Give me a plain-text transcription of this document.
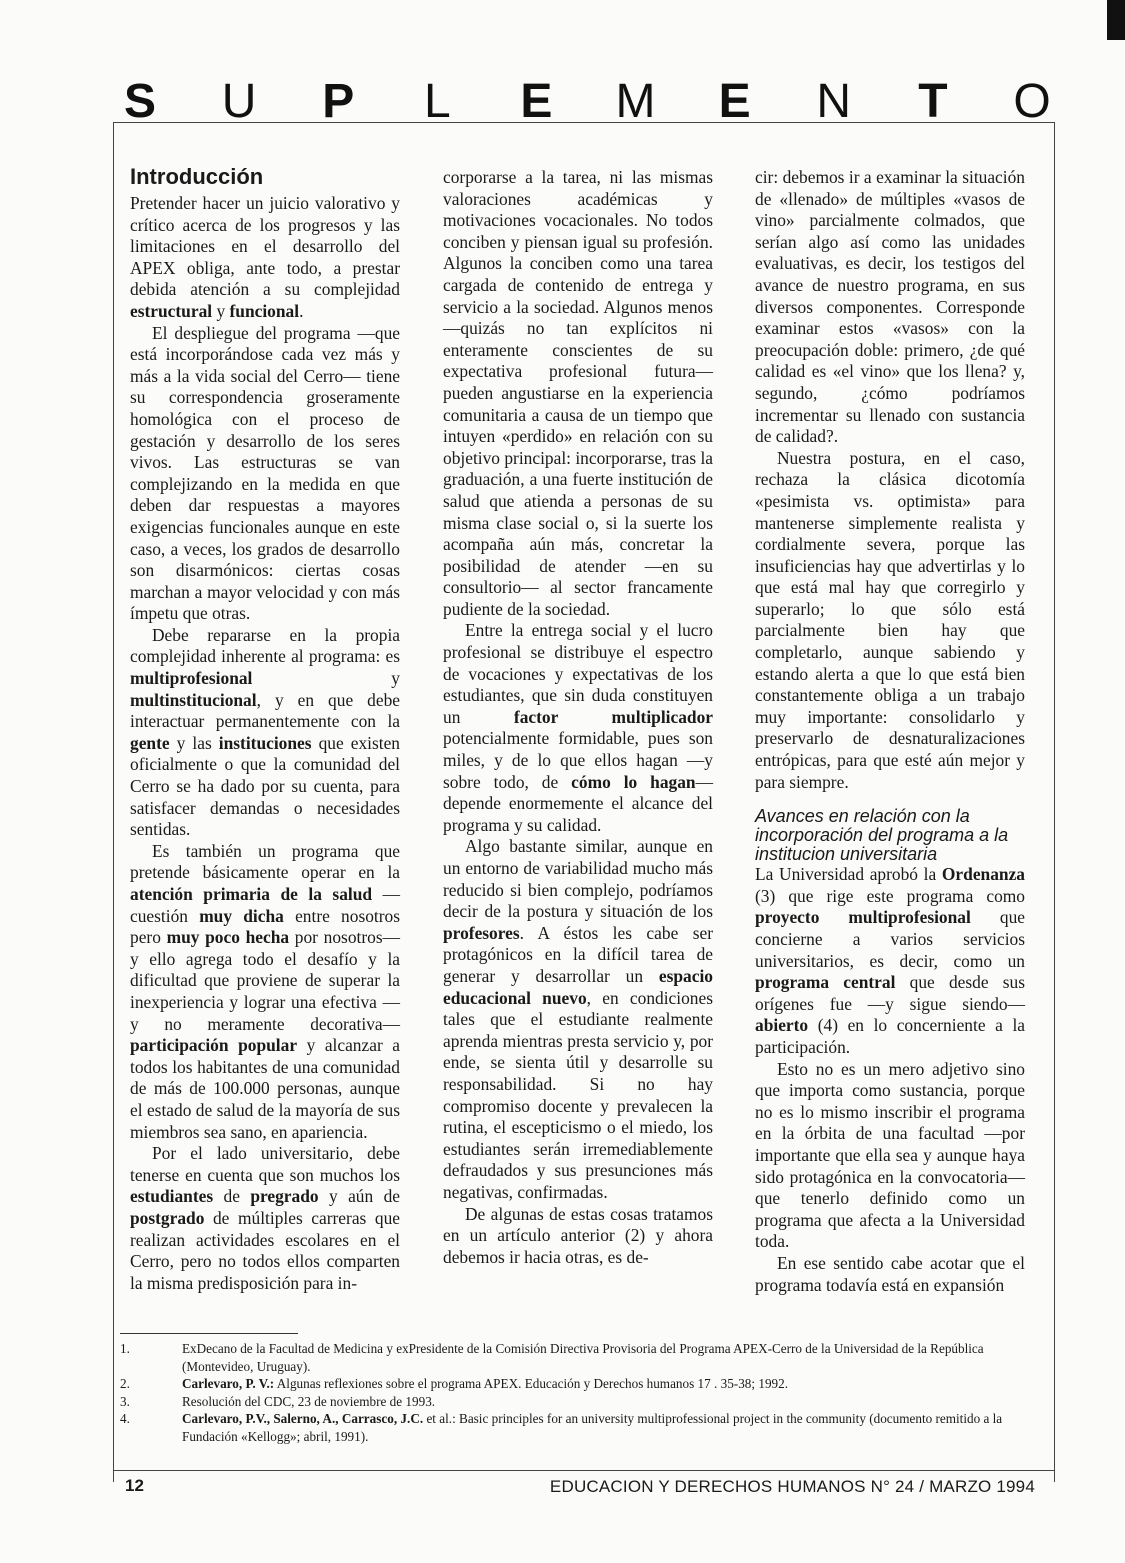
S U P	L	E M E N	T	O
Introducción

Pretender hacer un juicio valorativo y crítico acerca de los progresos y las limitaciones en el desarrollo del APEX obliga, ante todo, a prestar debida atención a su complejidad estructural y funcional.

El despliegue del programa —que está incorporándose cada vez más y más a la vida social del Cerro— tiene su correspondencia groseramente homológica con el proceso de gestación y desarrollo de los seres vivos. Las estructuras se van complejizando en la medida en que deben dar respuestas a mayores exigencias funcionales aunque en este caso, a veces, los grados de desarrollo son disarmónicos: ciertas cosas marchan a mayor velocidad y con más ímpetu que otras.

Debe repararse en la propia complejidad inherente al programa: es multiprofesional y multinstitucional, y en que debe interactuar permanentemente con la gente y las instituciones que existen oficialmente o que la comunidad del Cerro se ha dado por su cuenta, para satisfacer demandas o necesidades sentidas.

Es también un programa que pretende básicamente operar en la atención primaria de la salud —cuestión muy dicha entre nosotros pero muy poco hecha por nosotros— y ello agrega todo el desafío y la dificultad que proviene de superar la inexperiencia y lograr una efectiva —y no meramente decorativa— participación popular y alcanzar a todos los habitantes de una comunidad de más de 100.000 personas, aunque el estado de salud de la mayoría de sus miembros sea sano, en apariencia.

Por el lado universitario, debe tenerse en cuenta que son muchos los estudiantes de pregrado y aún de postgrado de múltiples carreras que realizan actividades escolares en el Cerro, pero no todos ellos comparten la misma predisposición para in-

corporarse a la tarea, ni las mismas valoraciones académicas y motivaciones vocacionales. No todos conciben y piensan igual su profesión. Algunos la conciben como una tarea cargada de contenido de entrega y servicio a la sociedad. Algunos menos —quizás no tan explícitos ni enteramente conscientes de su expectativa profesional futura— pueden angustiarse en la experiencia comunitaria a causa de un tiempo que intuyen «perdido» en relación con su objetivo principal: incorporarse, tras la graduación, a una fuerte institución de salud que atienda a personas de su misma clase social o, si la suerte los acompaña aún más, concretar la posibilidad de atender —en su consultorio— al sector francamente pudiente de la sociedad.

Entre la entrega social y el lucro profesional se distribuye el espectro de vocaciones y expectativas de los estudiantes, que sin duda constituyen un factor multiplicador potencialmente formidable, pues son miles, y de lo que ellos hagan —y sobre todo, de cómo lo hagan— depende enormemente el alcance del programa y su calidad.

Algo bastante similar, aunque en un entorno de variabilidad mucho más reducido si bien complejo, podríamos decir de la postura y situación de los profesores. A éstos les cabe ser protagónicos en la difícil tarea de generar y desarrollar un espacio educacional nuevo, en condiciones tales que el estudiante realmente aprenda mientras presta servicio y, por ende, se sienta útil y desarrolle su responsabilidad. Si no hay compromiso docente y prevalecen la rutina, el escepticismo o el miedo, los estudiantes serán irremediablemente defraudados y sus presunciones más negativas, confirmadas.

De algunas de estas cosas tratamos en un artículo anterior (2) y ahora debemos ir hacia otras, es de-

cir: debemos ir a examinar la situación de «llenado» de múltiples «vasos de vino» parcialmente colmados, que serían algo así como las unidades evaluativas, es decir, los testigos del avance de nuestro programa, en sus diversos componentes. Corresponde examinar estos «vasos» con la preocupación doble: primero, ¿de qué calidad es «el vino» que los llena? y, segundo, ¿cómo podríamos incrementar su llenado con sustancia de calidad?.

Nuestra postura, en el caso, rechaza la clásica dicotomía «pesimista vs. optimista» para mantenerse simplemente realista y cordialmente severa, porque las insuficiencias hay que advertirlas y lo que está mal hay que corregirlo y superarlo; lo que sólo está parcialmente bien hay que completarlo, aunque sabiendo y estando alerta a que lo que está bien constantemente obliga a un trabajo muy importante: consolidarlo y preservarlo de desnaturalizaciones entrópicas, para que esté aún mejor y para siempre.

Avances en relación con la incorporación del programa a la institucion universitaria

La Universidad aprobó la Ordenanza (3) que rige este programa como proyecto multiprofesional que concierne a varios servicios universitarios, es decir, como un programa central que desde sus orígenes fue —y sigue siendo— abierto (4) en lo concerniente a la participación.

Esto no es un mero adjetivo sino que importa como sustancia, porque no es lo mismo inscribir el programa en la órbita de una facultad —por importante que ella sea y aunque haya sido protagónica en la convocatoria— que tenerlo definido como un programa que afecta a la Universidad toda.

En ese sentido cabe acotar que el programa todavía está en expansión

1.	ExDecano de la Facultad de Medicina y exPresidente de la Comisión Directiva Provisoria del Programa APEX-Cerro de la Universidad de la República (Montevideo, Uruguay).
2.	Carlevaro, P. V.: Algunas reflexiones sobre el programa APEX. Educación y Derechos humanos 17 . 35-38; 1992.
3.	Resolución del CDC, 23 de noviembre de 1993.
4.	Carlevaro, P.V., Salerno, A., Carrasco, J.C. et al.: Basic principles for an university multiprofessional project in the community (documento remitido a la Fundación «Kellogg»; abril, 1991).
12	EDUCACION Y DERECHOS HUMANOS N° 24 / MARZO 1994
